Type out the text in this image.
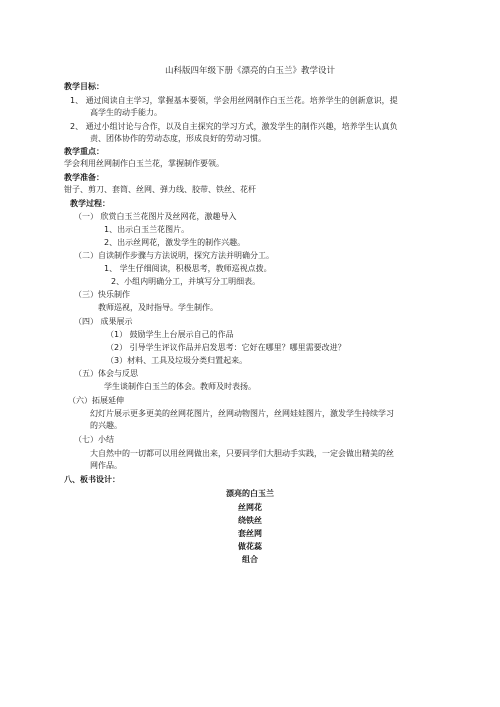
山科版四年级下册《漂亮的白玉兰》教学设计
教学目标：
1、 通过阅读自主学习，掌握基本要领，学会用丝网制作白玉兰花。培养学生的创新意识，提
高学生的动手能力。
2、 通过小组讨论与合作，以及自主探究的学习方式，激发学生的制作兴趣，培养学生认真负
责、团体协作的劳动态度，形成良好的劳动习惯。
教学重点：
学会利用丝网制作白玉兰花，掌握制作要领。
教学准备：
钳子、剪刀、套筒、丝网、弹力线、胶带、铁丝、花杆
教学过程：
（一） 欣赏白玉兰花图片及丝网花，激趣导入
1、出示白玉兰花图片。
2、出示丝网花，激发学生的制作兴趣。
（二）自读制作步骤与方法说明，探究方法并明确分工。
1、 学生仔细阅读，积极思考，教师巡视点拨。
2、小组内明确分工，并填写分工明细表。
（三）快乐制作
教师巡视，及时指导。学生制作。
（四） 成果展示
（1） 鼓励学生上台展示自己的作品
（2） 引导学生评议作品并启发思考：它好在哪里？哪里需要改进？
（3）材料、工具及垃圾分类归置起来。
（五）体会与反思
学生谈制作白玉兰的体会。教师及时表扬。
（六）拓展延伸
幻灯片展示更多更美的丝网花图片，丝网动物图片，丝网娃娃图片，激发学生持续学习
的兴趣。
（七）小结
大自然中的一切都可以用丝网做出来，只要同学们大胆动手实践，一定会做出精美的丝
网作品。
八、板书设计：
漂亮的白玉兰
丝网花
绕铁丝
套丝网
做花蕊
组合
